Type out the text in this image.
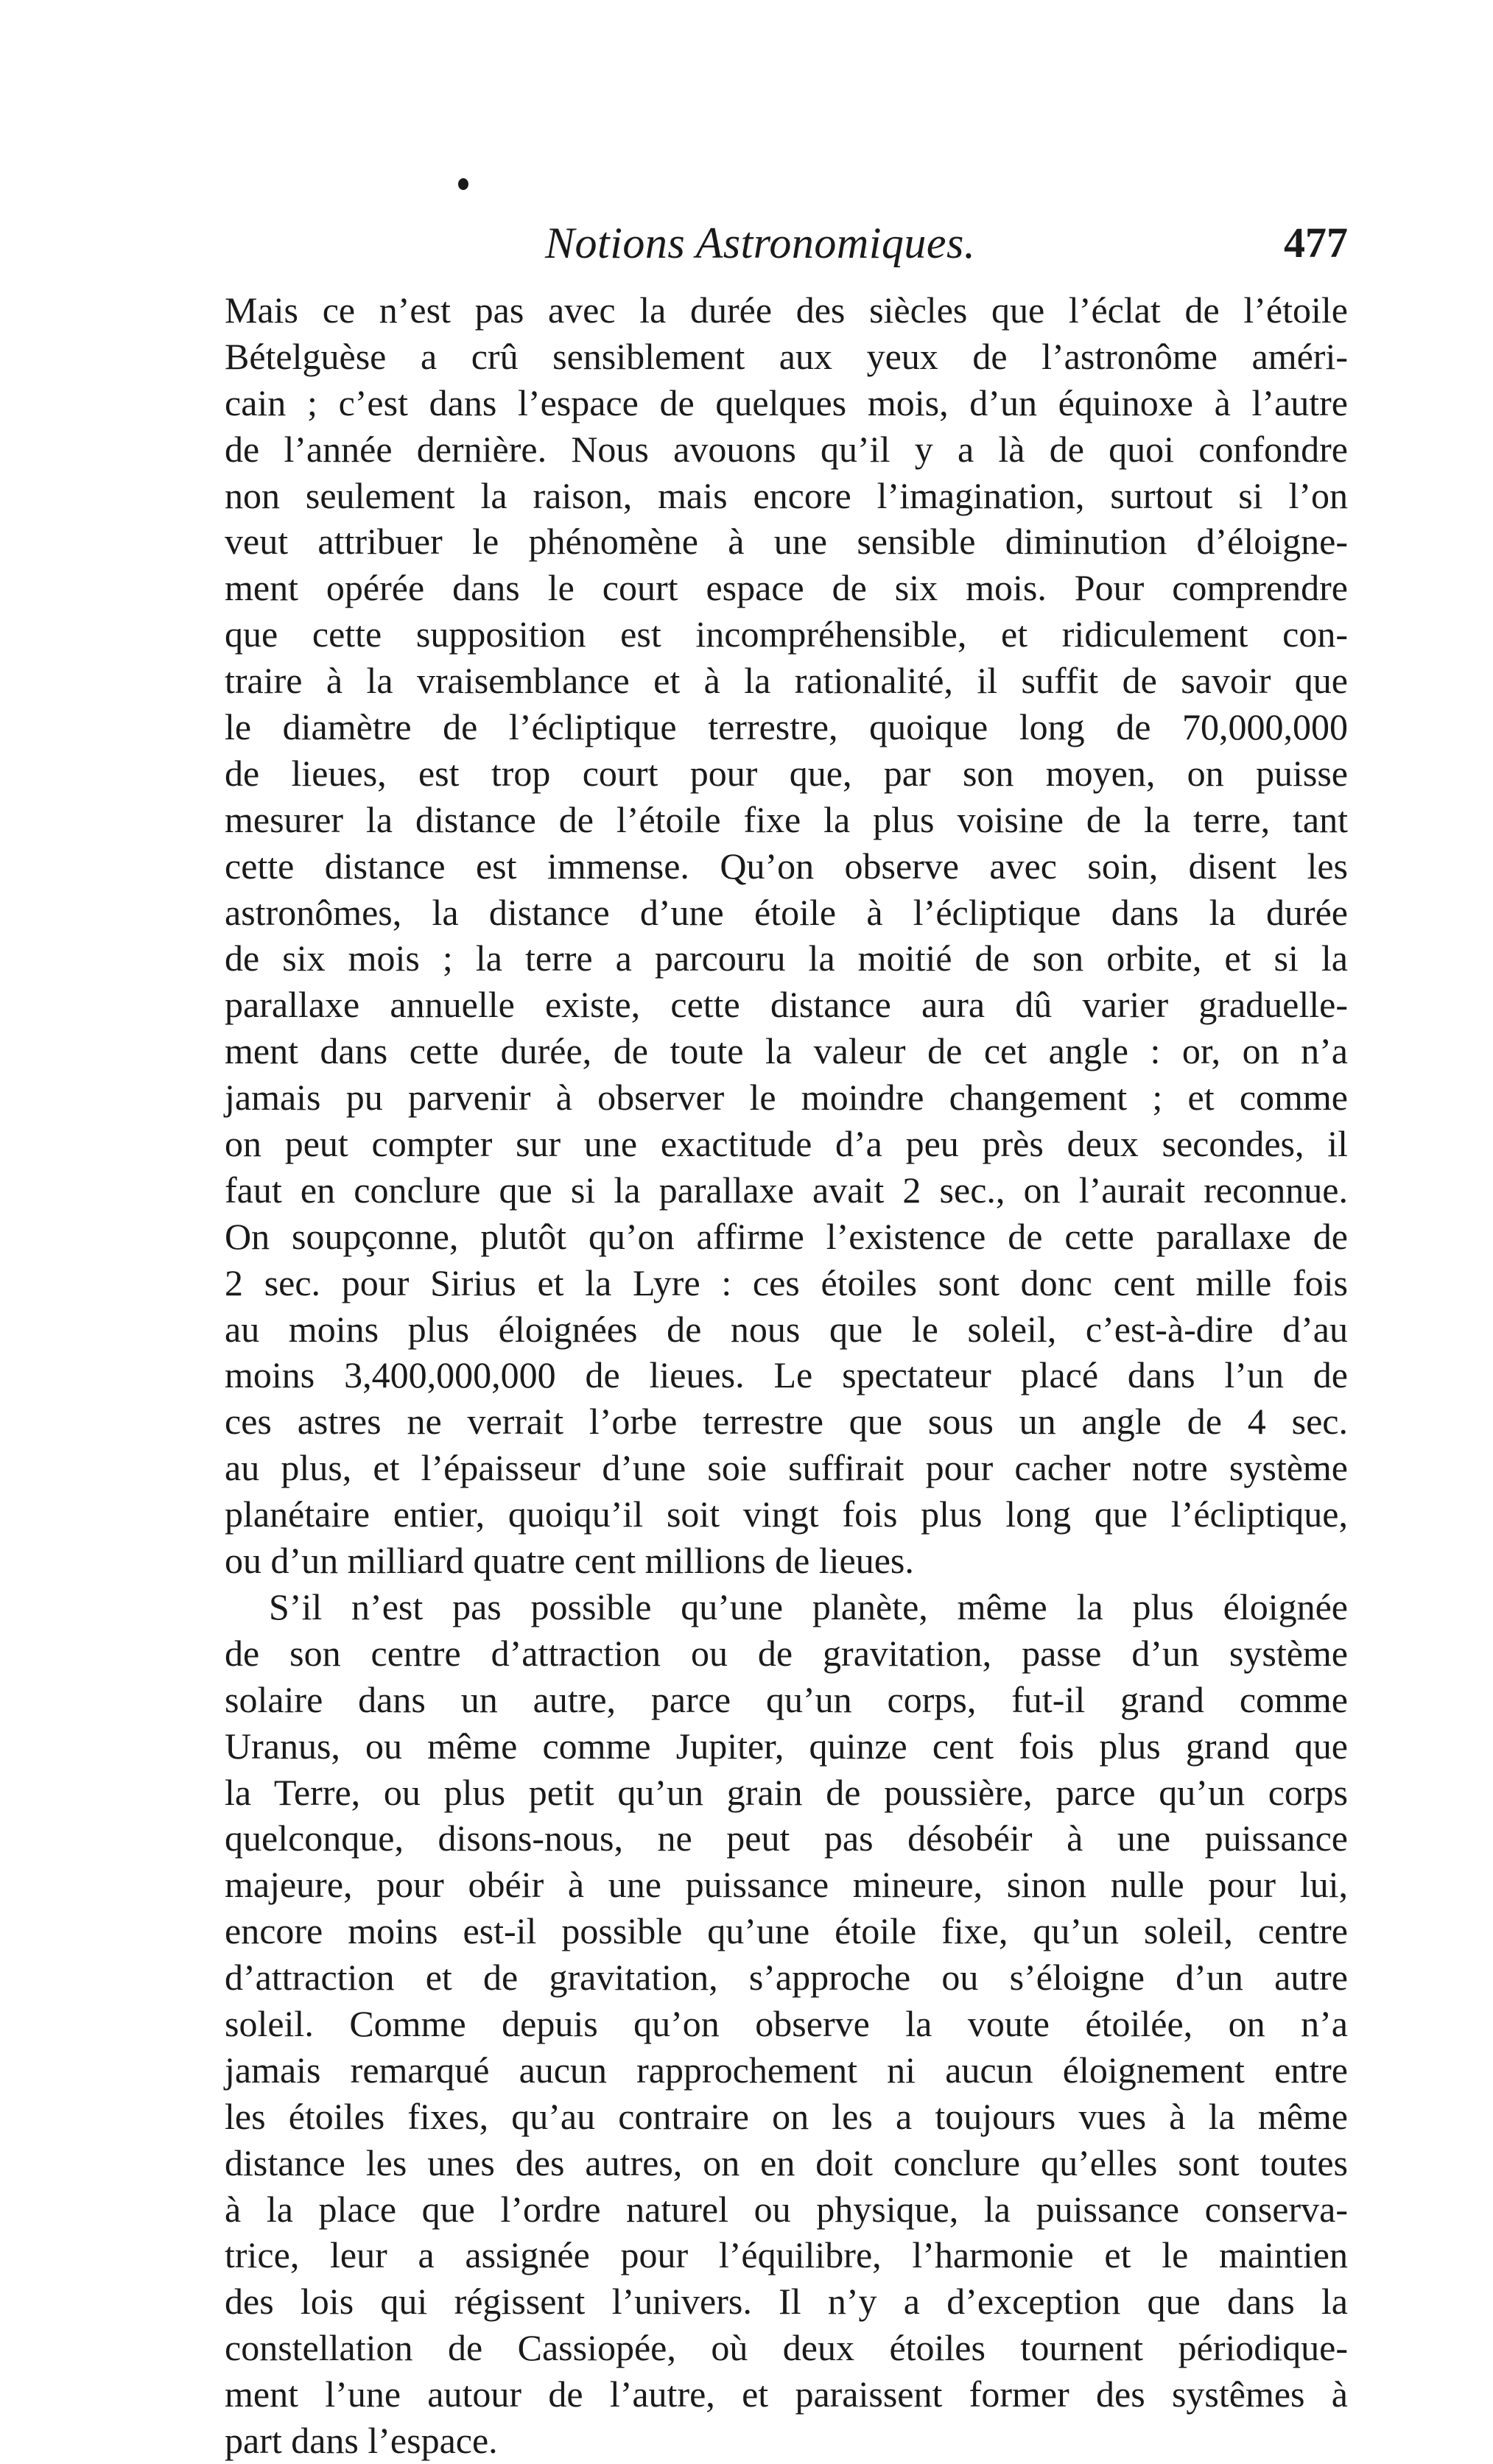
Notions Astronomiques.	477
Mais ce n’est pas avec la durée des siècles que l’éclat de l’étoile
Bételguèse a crû sensiblement aux yeux de l’astronôme améri-
cain ; c’est dans l’espace de quelques mois, d’un équinoxe à l’autre
de l’année dernière. Nous avouons qu’il y a là de quoi confondre
non seulement la raison, mais encore l’imagination, surtout si l’on
veut attribuer le phénomène à une sensible diminution d’éloigne-
ment opérée dans le court espace de six mois. Pour comprendre
que cette supposition est incompréhensible, et ridiculement con-
traire à la vraisemblance et à la rationalité, il suffit de savoir que
le diamètre de l’écliptique terrestre, quoique long de 70,000,000
de lieues, est trop court pour que, par son moyen, on puisse
mesurer la distance de l’étoile fixe la plus voisine de la terre, tant
cette distance est immense. Qu’on observe avec soin, disent les
astronômes, la distance d’une étoile à l’écliptique dans la durée
de six mois ; la terre a parcouru la moitié de son orbite, et si la
parallaxe annuelle existe, cette distance aura dû varier graduelle-
ment dans cette durée, de toute la valeur de cet angle : or, on n’a
jamais pu parvenir à observer le moindre changement ; et comme
on peut compter sur une exactitude d’a peu près deux secondes, il
faut en conclure que si la parallaxe avait 2 sec., on l’aurait reconnue.
On soupçonne, plutôt qu’on affirme l’existence de cette parallaxe de
2 sec. pour Sirius et la Lyre : ces étoiles sont donc cent mille fois
au moins plus éloignées de nous que le soleil, c’est-à-dire d’au
moins 3,400,000,000 de lieues. Le spectateur placé dans l’un de
ces astres ne verrait l’orbe terrestre que sous un angle de 4 sec.
au plus, et l’épaisseur d’une soie suffirait pour cacher notre système
planétaire entier, quoiqu’il soit vingt fois plus long que l’écliptique,
ou d’un milliard quatre cent millions de lieues.
S’il n’est pas possible qu’une planète, même la plus éloignée
de son centre d’attraction ou de gravitation, passe d’un système
solaire dans un autre, parce qu’un corps, fut-il grand comme
Uranus, ou même comme Jupiter, quinze cent fois plus grand que
la Terre, ou plus petit qu’un grain de poussière, parce qu’un corps
quelconque, disons-nous, ne peut pas désobéir à une puissance
majeure, pour obéir à une puissance mineure, sinon nulle pour lui,
encore moins est-il possible qu’une étoile fixe, qu’un soleil, centre
d’attraction et de gravitation, s’approche ou s’éloigne d’un autre
soleil. Comme depuis qu’on observe la voute étoilée, on n’a
jamais remarqué aucun rapprochement ni aucun éloignement entre
les étoiles fixes, qu’au contraire on les a toujours vues à la même
distance les unes des autres, on en doit conclure qu’elles sont toutes
à la place que l’ordre naturel ou physique, la puissance conserva-
trice, leur a assignée pour l’équilibre, l’harmonie et le maintien
des lois qui régissent l’univers. Il n’y a d’exception que dans la
constellation de Cassiopée, où deux étoiles tournent périodique-
ment l’une autour de l’autre, et paraissent former des systêmes à
part dans l’espace.
